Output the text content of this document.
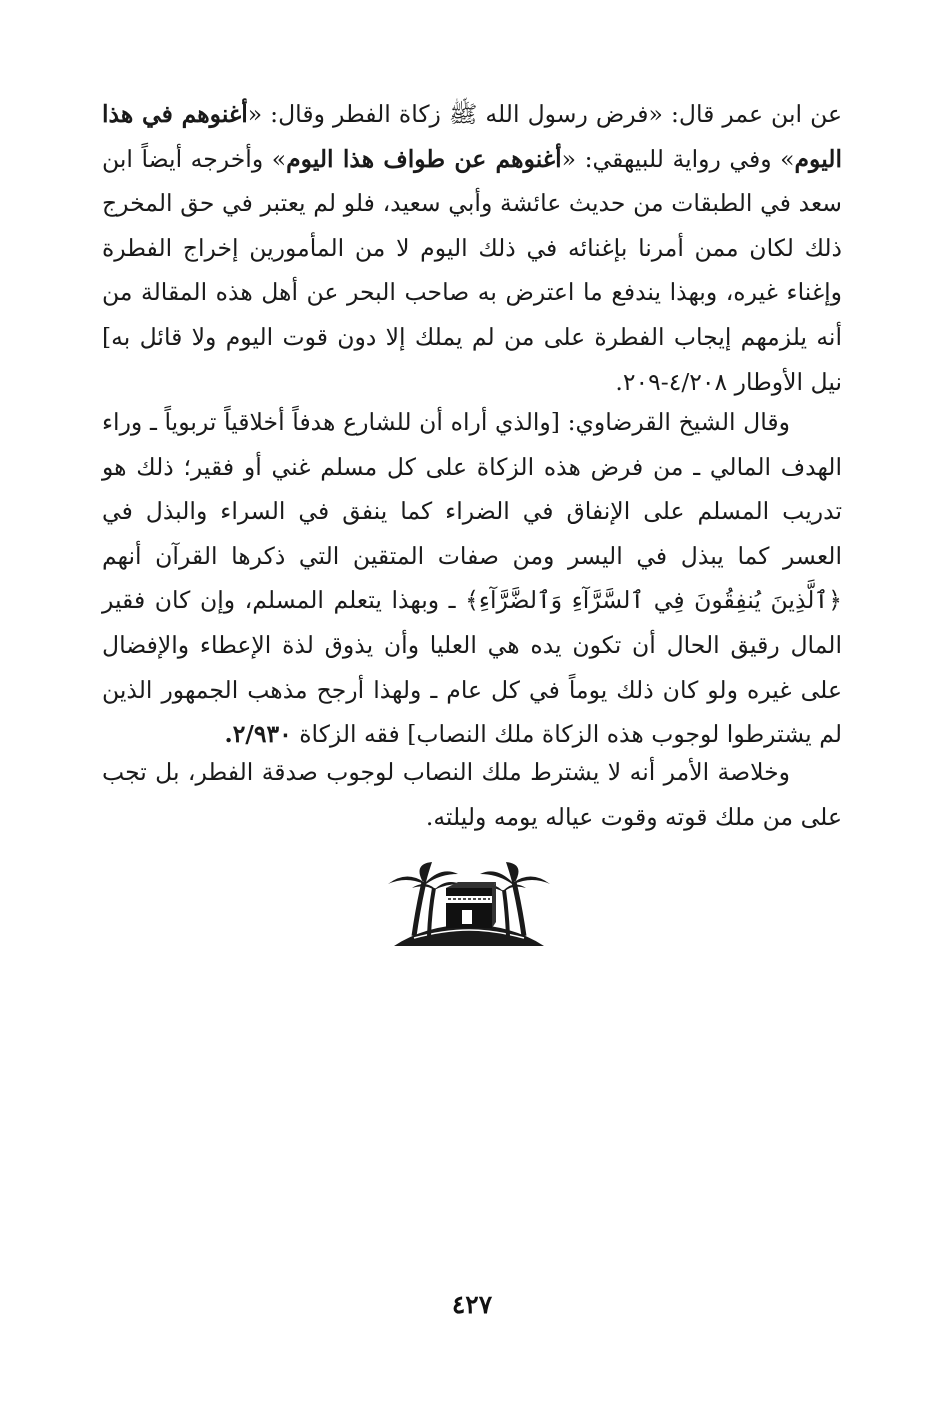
عن ابن عمر قال: «فرض رسول الله ﷺ زكاة الفطر وقال: «أغنوهم في هذا اليوم» وفي رواية للبيهقي: «أغنوهم عن طواف هذا اليوم» وأخرجه أيضاً ابن سعد في الطبقات من حديث عائشة وأبي سعيد، فلو لم يعتبر في حق المخرج ذلك لكان ممن أمرنا بإغنائه في ذلك اليوم لا من المأمورين إخراج الفطرة وإغناء غيره، وبهذا يندفع ما اعترض به صاحب البحر عن أهل هذه المقالة من أنه يلزمهم إيجاب الفطرة على من لم يملك إلا دون قوت اليوم ولا قائل به] نيل الأوطار ٤/٢٠٨-٢٠٩.

وقال الشيخ القرضاوي: [والذي أراه أن للشارع هدفاً أخلاقياً تربوياً ـ وراء الهدف المالي ـ من فرض هذه الزكاة على كل مسلم غني أو فقير؛ ذلك هو تدريب المسلم على الإنفاق في الضراء كما ينفق في السراء والبذل في العسر كما يبذل في اليسر ومن صفات المتقين التي ذكرها القرآن أنهم ﴿ٱلَّذِينَ يُنفِقُونَ فِي ٱلسَّرَّآءِ وَٱلضَّرَّآءِ﴾ ـ وبهذا يتعلم المسلم، وإن كان فقير المال رقيق الحال أن تكون يده هي العليا وأن يذوق لذة الإعطاء والإفضال على غيره ولو كان ذلك يوماً في كل عام ـ ولهذا أرجح مذهب الجمهور الذين لم يشترطوا لوجوب هذه الزكاة ملك النصاب] فقه الزكاة ٢/٩٣٠.

وخلاصة الأمر أنه لا يشترط ملك النصاب لوجوب صدقة الفطر، بل تجب على من ملك قوته وقوت عياله يومه وليلته.

٤٢٧
